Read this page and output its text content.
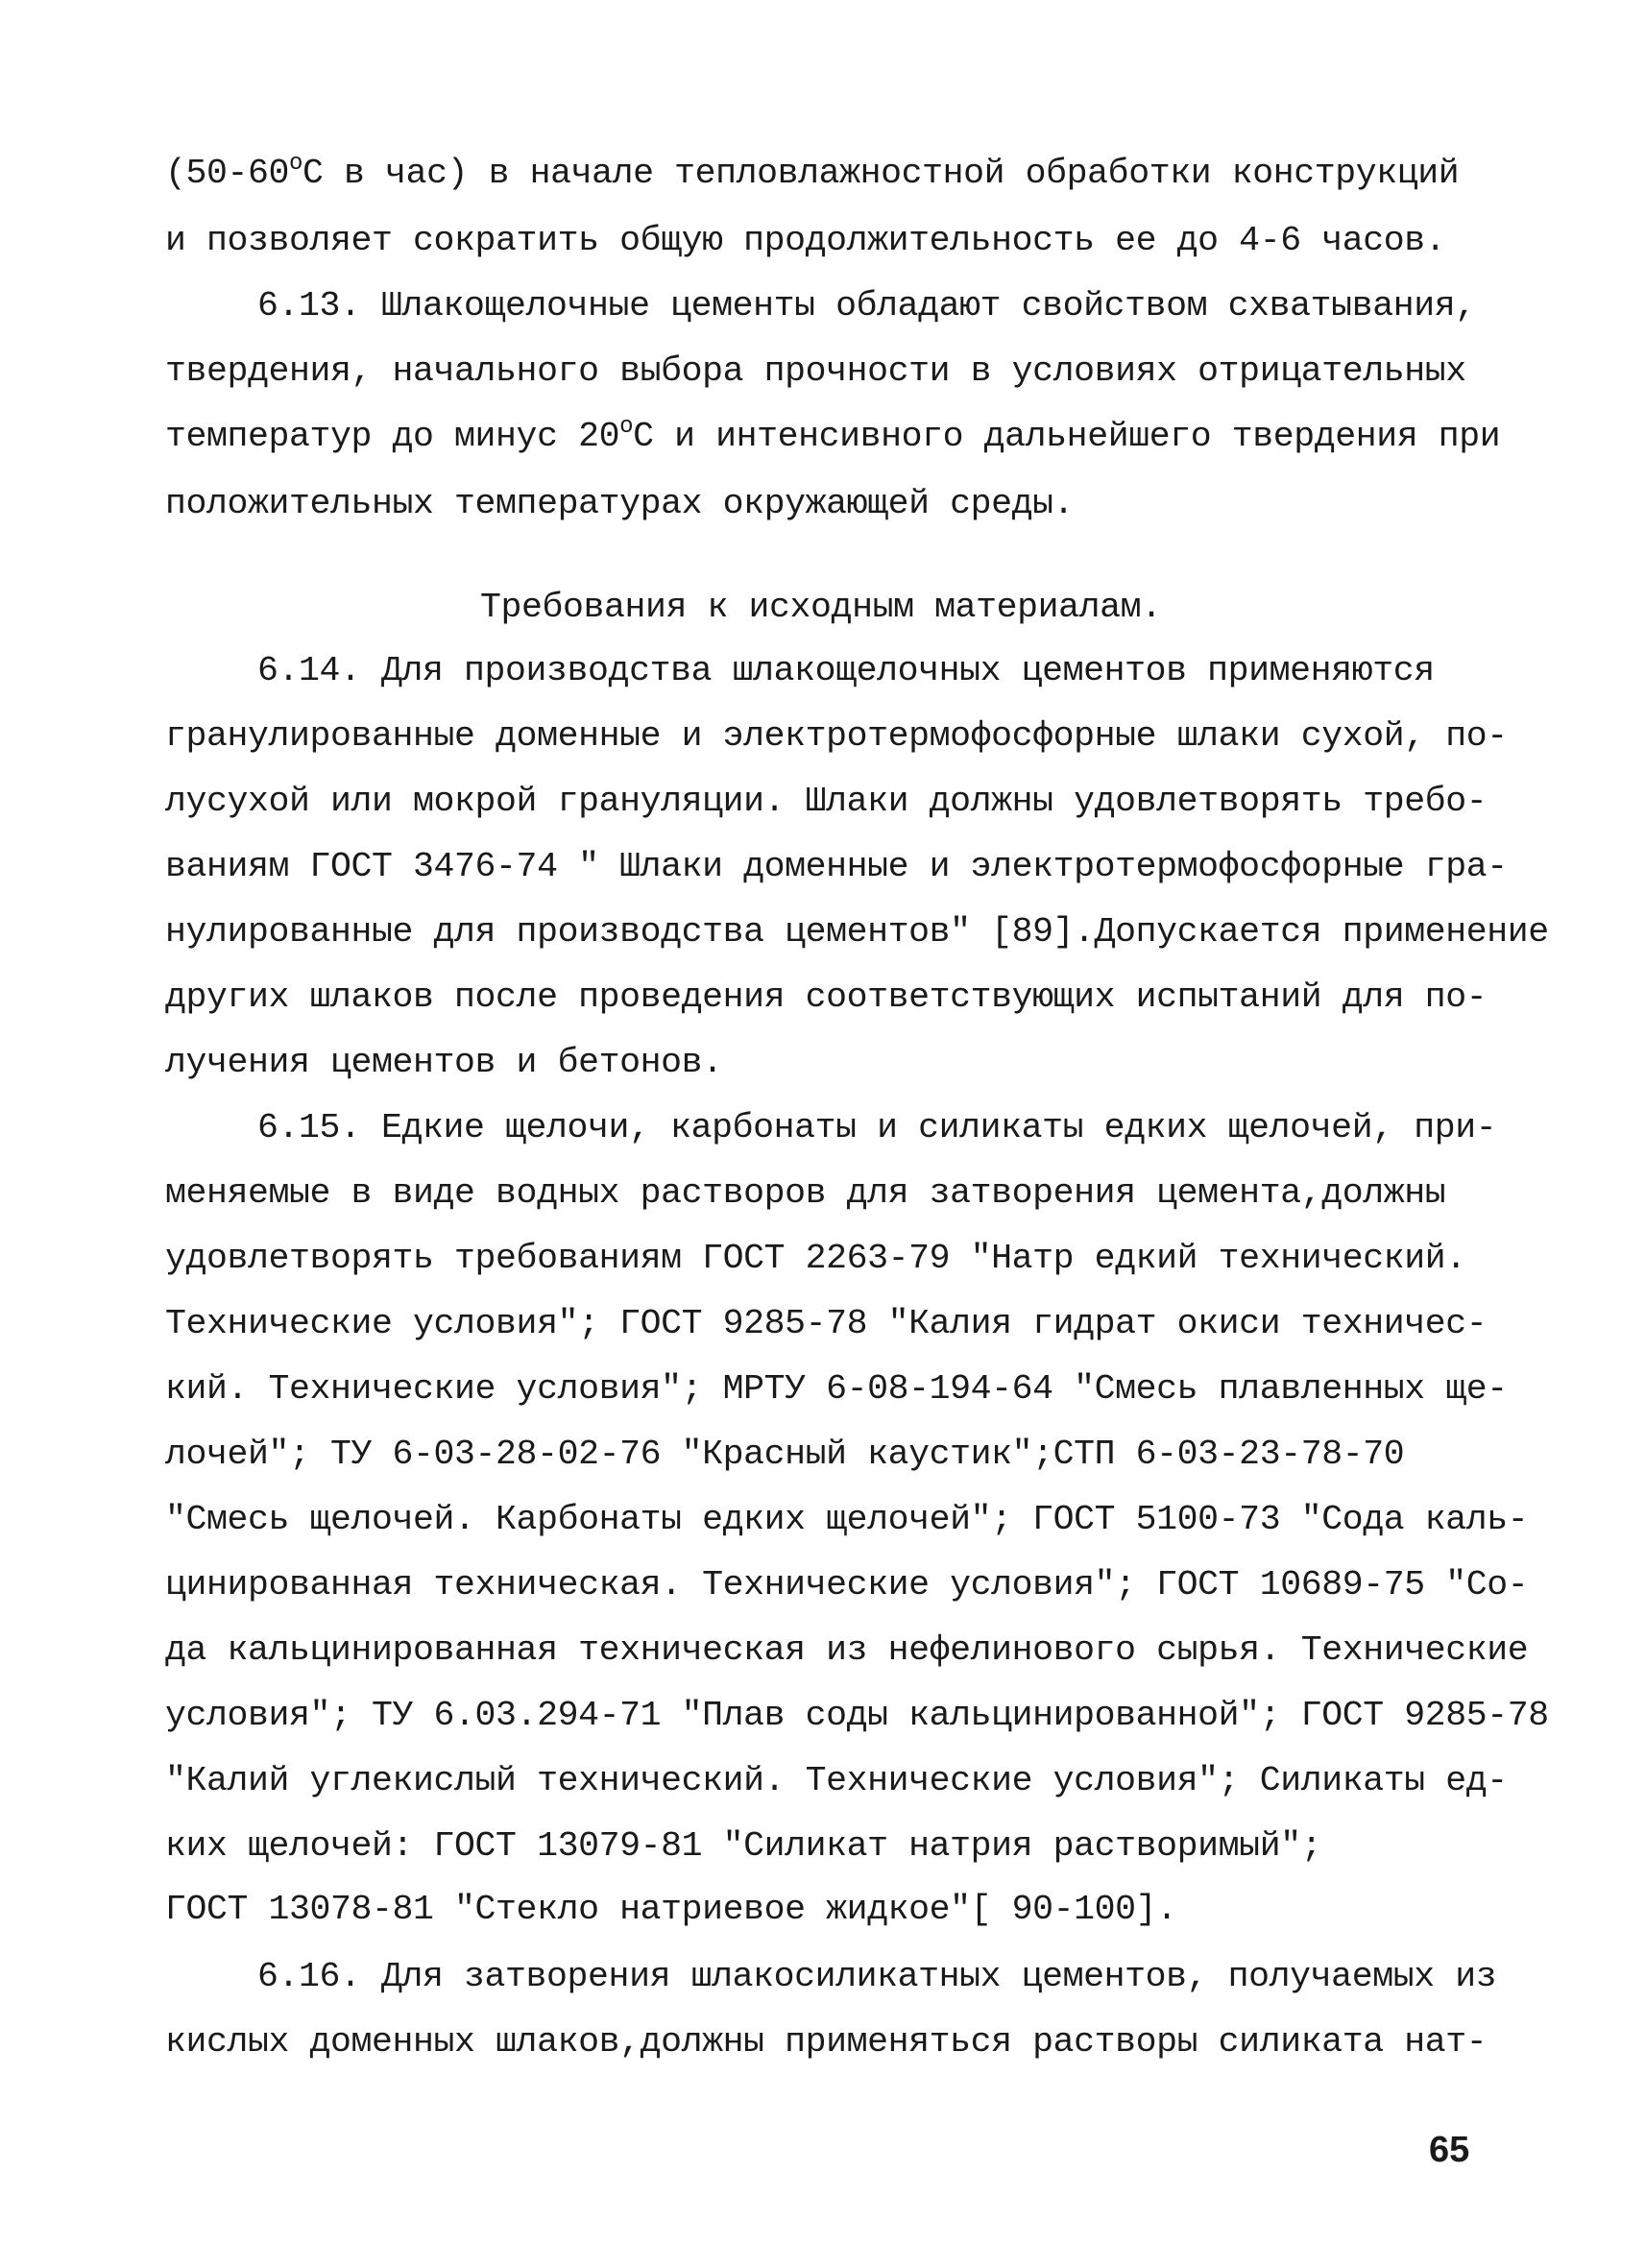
(50-60$^o$С в час) в начале тепловлажностной обработки конструкций
и позволяет сократить общую продолжительность ее до 4-6 часов.
6.13. Шлакощелочные цементы обладают свойством схватывания,
твердения, начального выбора прочности в условиях отрицательных
температур до минус 20$^o$С и интенсивного дальнейшего твердения при
положительных температурах окружающей среды.
Требования к исходным материалам.
6.14. Для производства шлакощелочных цементов применяются
гранулированные доменные и электротермофосфорные шлаки сухой, по-
лусухой или мокрой грануляции. Шлаки должны удовлетворять требо-
ваниям ГОСТ 3476-74 " Шлаки доменные и электротермофосфорные гра-
нулированные для производства цементов" [89].Допускается применение
других шлаков после проведения соответствующих испытаний для по-
лучения цементов и бетонов.
6.15. Едкие щелочи, карбонаты и силикаты едких щелочей, при-
меняемые в виде водных растворов для затворения цемента,должны
удовлетворять требованиям ГОСТ 2263-79 "Натр едкий технический.
Технические условия"; ГОСТ 9285-78 "Калия гидрат окиси техничес-
кий. Технические условия"; МРТУ 6-08-194-64 "Смесь плавленных ще-
лочей"; ТУ 6-03-28-02-76 "Красный каустик";СТП 6-03-23-78-70
"Смесь щелочей. Карбонаты едких щелочей"; ГОСТ 5100-73 "Сода каль-
цинированная техническая. Технические условия"; ГОСТ 10689-75 "Со-
да кальцинированная техническая из нефелинового сырья. Технические
условия"; ТУ 6.03.294-71 "Плав соды кальцинированной"; ГОСТ 9285-78
"Калий углекислый технический. Технические условия"; Силикаты ед-
ких щелочей: ГОСТ 13079-81 "Силикат натрия растворимый";
ГОСТ 13078-81 "Стекло натриевое жидкое"[ 90-100].
6.16. Для затворения шлакосиликатных цементов, получаемых из
кислых доменных шлаков,должны применяться растворы силиката нат-
65
